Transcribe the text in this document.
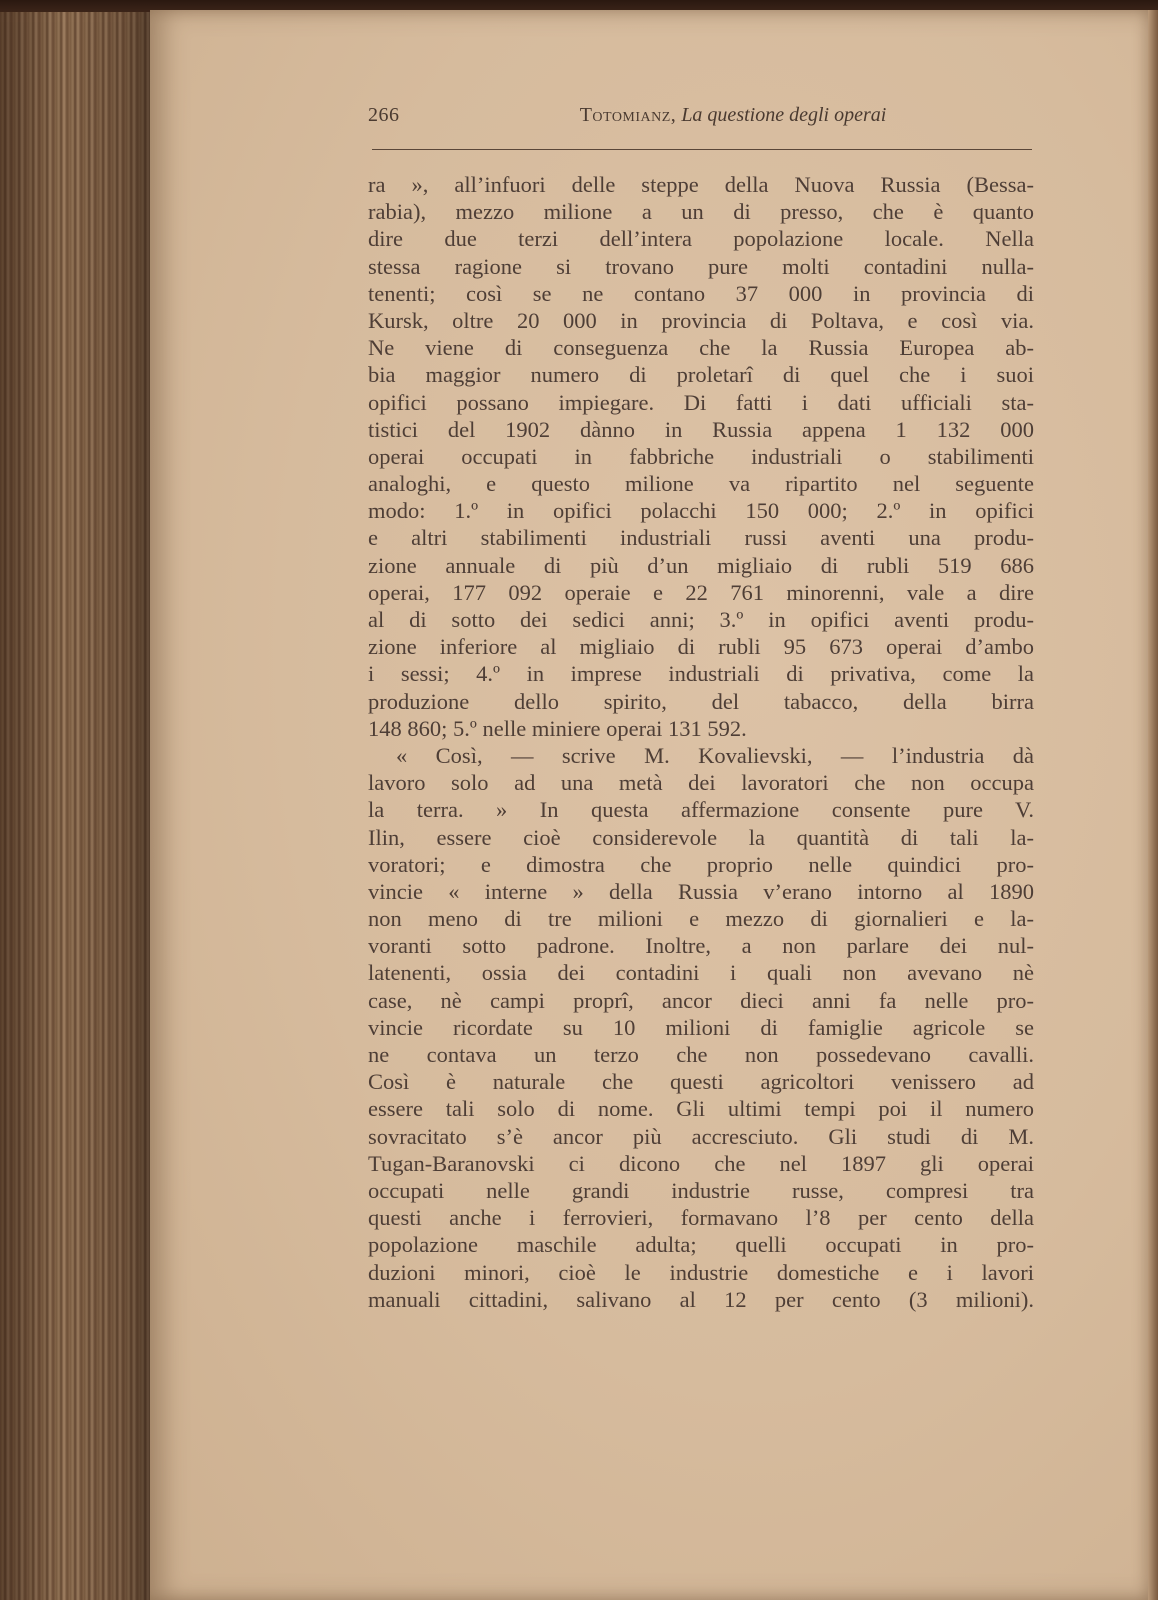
266	Totomianz, La questione degli operai
ra », all’infuori delle steppe della Nuova Russia (Bessa-
rabia), mezzo milione a un di presso, che è quanto
dire due terzi dell’intera popolazione locale. Nella
stessa ragione si trovano pure molti contadini nulla-
tenenti; così se ne contano 37 000 in provincia di
Kursk, oltre 20 000 in provincia di Poltava, e così via.
Ne viene di conseguenza che la Russia Europea ab-
bia maggior numero di proletarî di quel che i suoi
opifici possano impiegare. Di fatti i dati ufficiali sta-
tistici del 1902 dànno in Russia appena 1 132 000
operai occupati in fabbriche industriali o stabilimenti
analoghi, e questo milione va ripartito nel seguente
modo: 1.º in opifici polacchi 150 000; 2.º in opifici
e altri stabilimenti industriali russi aventi una produ-
zione annuale di più d’un migliaio di rubli 519 686
operai, 177 092 operaie e 22 761 minorenni, vale a dire
al di sotto dei sedici anni; 3.º in opifici aventi produ-
zione inferiore al migliaio di rubli 95 673 operai d’ambo
i sessi; 4.º in imprese industriali di privativa, come la
produzione dello spirito, del tabacco, della birra
148 860; 5.º nelle miniere operai 131 592.
« Così, — scrive M. Kovalievski, — l’industria dà
lavoro solo ad una metà dei lavoratori che non occupa
la terra. » In questa affermazione consente pure V.
Ilin, essere cioè considerevole la quantità di tali la-
voratori; e dimostra che proprio nelle quindici pro-
vincie « interne » della Russia v’erano intorno al 1890
non meno di tre milioni e mezzo di giornalieri e la-
voranti sotto padrone. Inoltre, a non parlare dei nul-
latenenti, ossia dei contadini i quali non avevano nè
case, nè campi proprî, ancor dieci anni fa nelle pro-
vincie ricordate su 10 milioni di famiglie agricole se
ne contava un terzo che non possedevano cavalli.
Così è naturale che questi agricoltori venissero ad
essere tali solo di nome. Gli ultimi tempi poi il numero
sovracitato s’è ancor più accresciuto. Gli studi di M.
Tugan-Baranovski ci dicono che nel 1897 gli operai
occupati nelle grandi industrie russe, compresi tra
questi anche i ferrovieri, formavano l’8 per cento della
popolazione maschile adulta; quelli occupati in pro-
duzioni minori, cioè le industrie domestiche e i lavori
manuali cittadini, salivano al 12 per cento (3 milioni).
